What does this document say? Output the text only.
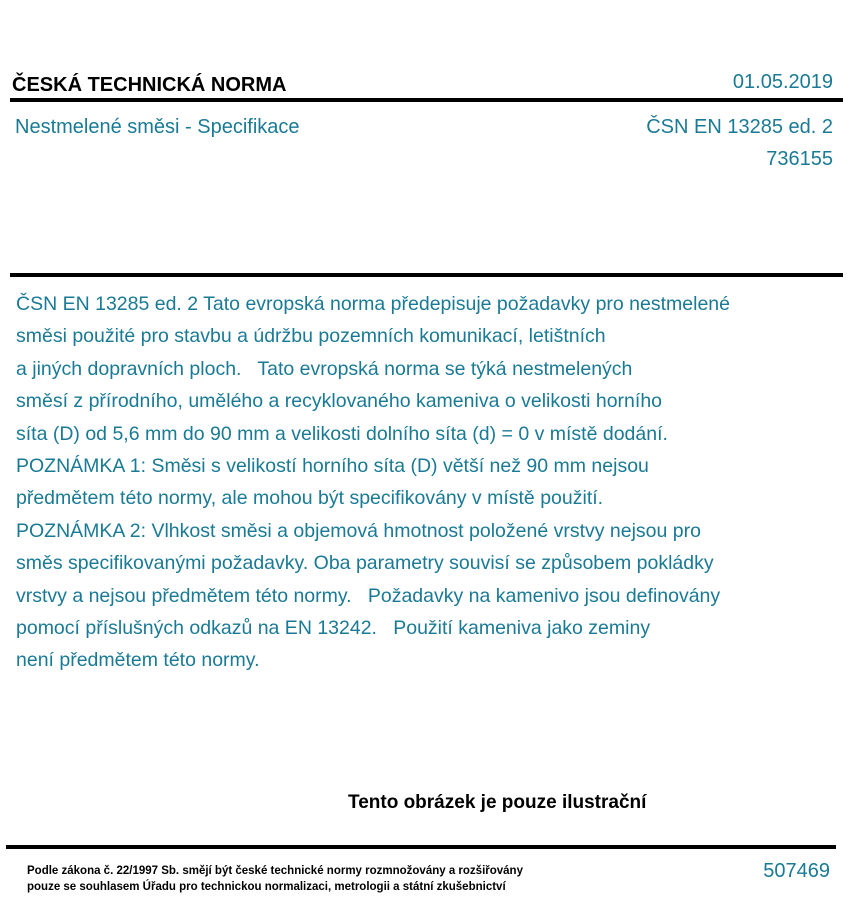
ČESKÁ TECHNICKÁ NORMA	01.05.2019
Nestmelené směsi - Specifikace	ČSN EN 13285 ed. 2
736155
ČSN EN 13285 ed. 2 Tato evropská norma předepisuje požadavky pro nestmelené
směsi použité pro stavbu a údržbu pozemních komunikací, letištních
a jiných dopravních ploch.   Tato evropská norma se týká nestmelených
směsí z přírodního, umělého a recyklovaného kameniva o velikosti horního
síta (D) od 5,6 mm do 90 mm a velikosti dolního síta (d) = 0 v místě dodání.
POZNÁMKA 1: Směsi s velikostí horního síta (D) větší než 90 mm nejsou
předmětem této normy, ale mohou být specifikovány v místě použití.
POZNÁMKA 2: Vlhkost směsi a objemová hmotnost položené vrstvy nejsou pro
směs specifikovanými požadavky. Oba parametry souvisí se způsobem pokládky
vrstvy a nejsou předmětem této normy.   Požadavky na kamenivo jsou definovány
pomocí příslušných odkazů na EN 13242.   Použití kameniva jako zeminy
není předmětem této normy.
Tento obrázek je pouze ilustrační
Podle zákona č. 22/1997 Sb. smějí být české technické normy rozmnožovány a rozšiřovány
pouze se souhlasem Úřadu pro technickou normalizaci, metrologii a státní zkušebnictví
507469
